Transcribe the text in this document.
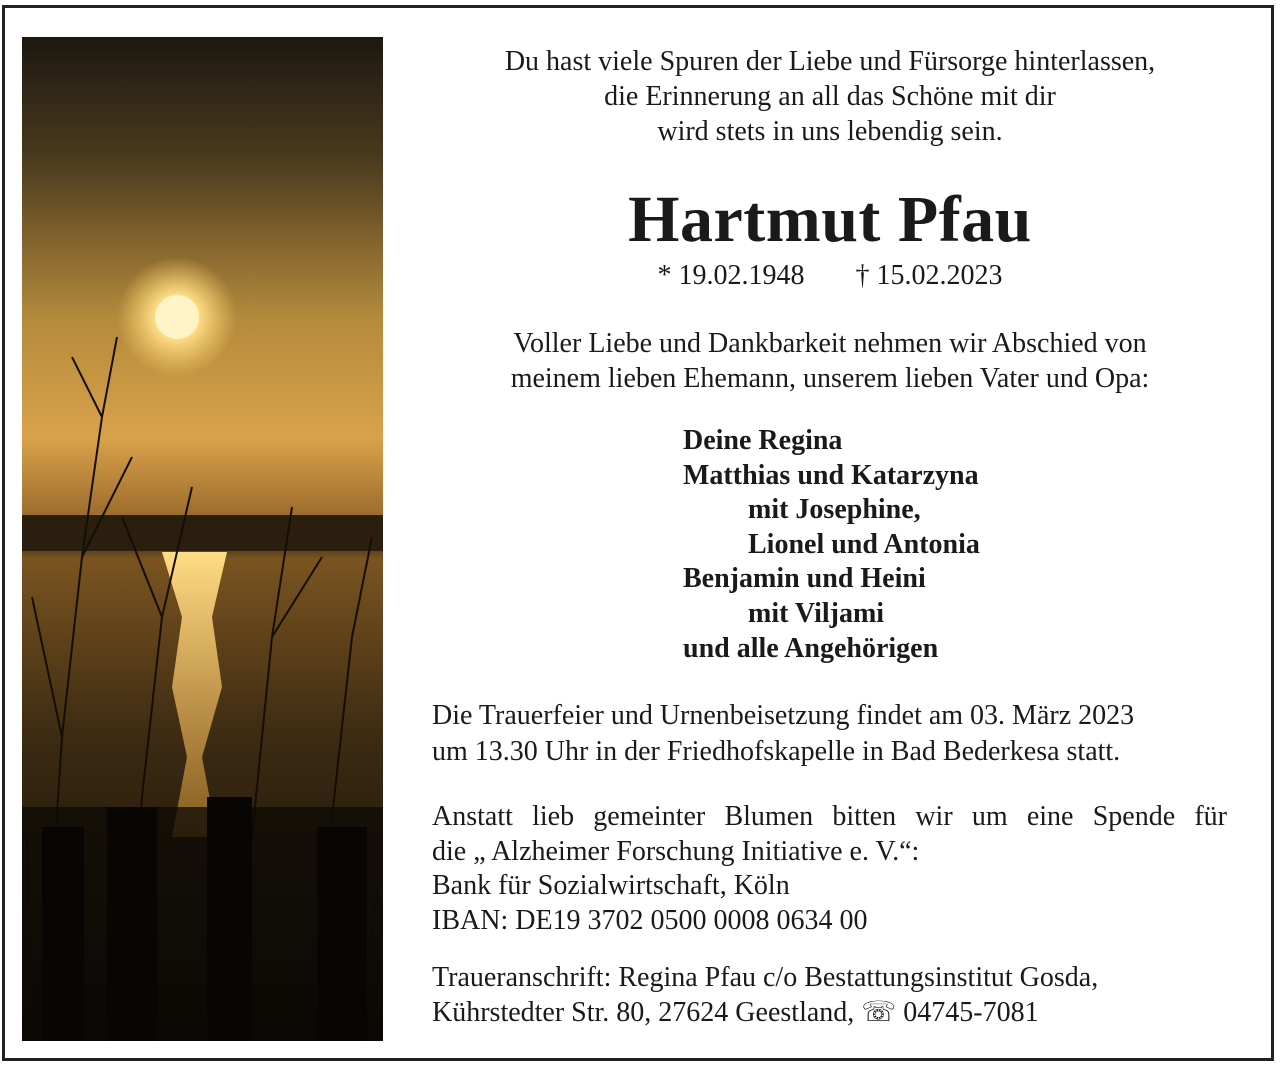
Du hast viele Spuren der Liebe und Fürsorge hinterlassen,
die Erinnerung an all das Schöne mit dir
wird stets in uns lebendig sein.
Hartmut Pfau
* 19.02.1948 † 15.02.2023
Voller Liebe und Dankbarkeit nehmen wir Abschied von
meinem lieben Ehemann, unserem lieben Vater und Opa:
Deine Regina
Matthias und Katarzyna
mit Josephine,
Lionel und Antonia
Benjamin und Heini
mit Viljami
und alle Angehörigen
Die Trauerfeier und Urnenbeisetzung findet am 03. März 2023
um 13.30 Uhr in der Friedhofskapelle in Bad Bederkesa statt.
Anstatt lieb gemeinter Blumen bitten wir um eine Spende für
die „ Alzheimer Forschung Initiative e. V.“:
Bank für Sozialwirtschaft, Köln
IBAN: DE19 3702 0500 0008 0634 00
Traueranschrift: Regina Pfau c/o Bestattungsinstitut Gosda,
Kührstedter Str. 80, 27624 Geestland, ☏ 04745-7081
